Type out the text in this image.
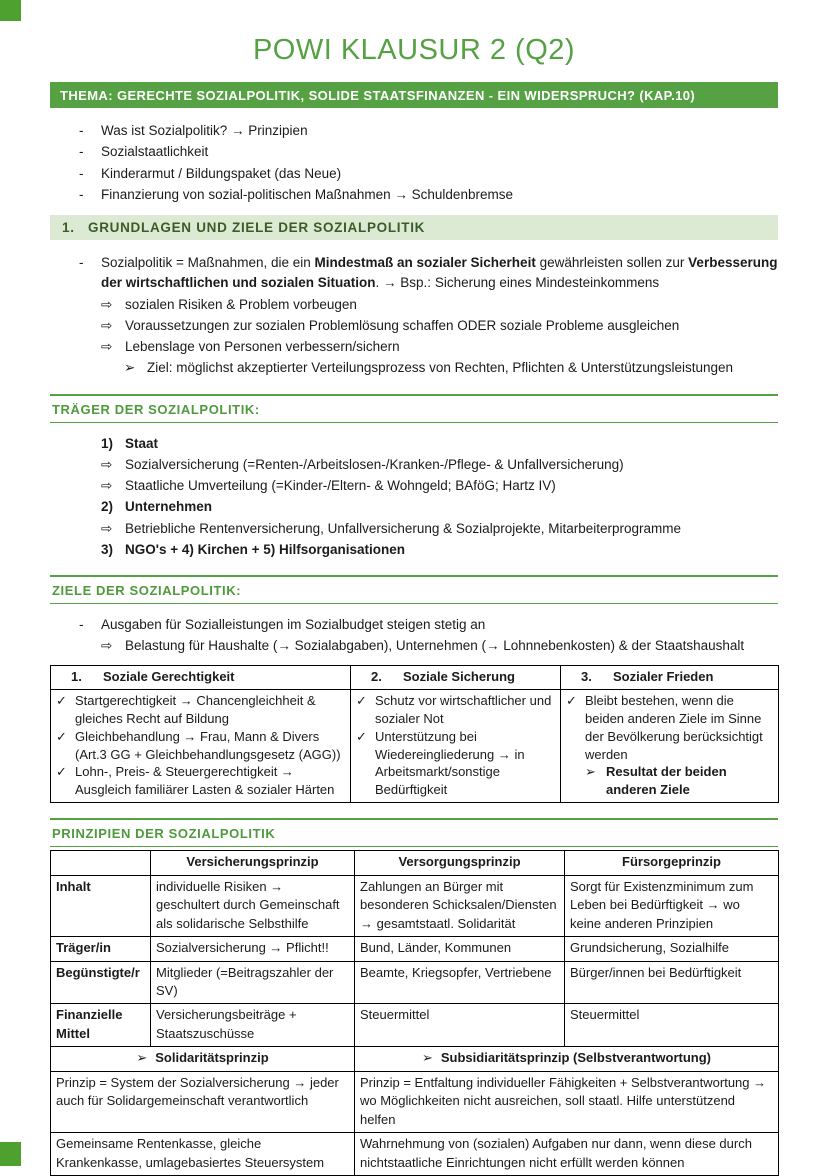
POWI KLAUSUR 2 (Q2)
THEMA: GERECHTE SOZIALPOLITIK, SOLIDE STAATSFINANZEN - EIN WIDERSPRUCH? (KAP.10)
-	Was ist Sozialpolitik? → Prinzipien
-	Sozialstaatlichkeit
-	Kinderarmut / Bildungspaket (das Neue)
-	Finanzierung von sozial-politischen Maßnahmen → Schuldenbremse
1. GRUNDLAGEN UND ZIELE DER SOZIALPOLITIK
-	Sozialpolitik = Maßnahmen, die ein Mindestmaß an sozialer Sicherheit gewährleisten sollen zur Verbesserung der wirtschaftlichen und sozialen Situation. → Bsp.: Sicherung eines Mindesteinkommens
⇨ sozialen Risiken & Problem vorbeugen
⇨ Voraussetzungen zur sozialen Problemlösung schaffen ODER soziale Probleme ausgleichen
⇨ Lebenslage von Personen verbessern/sichern
➢ Ziel: möglichst akzeptierter Verteilungsprozess von Rechten, Pflichten & Unterstützungsleistungen
TRÄGER DER SOZIALPOLITIK:
1) Staat
⇨ Sozialversicherung (=Renten-/Arbeitslosen-/Kranken-/Pflege- & Unfallversicherung)
⇨ Staatliche Umverteilung (=Kinder-/Eltern- & Wohngeld; BAföG; Hartz IV)
2) Unternehmen
⇨ Betriebliche Rentenversicherung, Unfallversicherung & Sozialprojekte, Mitarbeiterprogramme
3) NGO's + 4) Kirchen + 5) Hilfsorganisationen
ZIELE DER SOZIALPOLITIK:
-	Ausgaben für Sozialleistungen im Sozialbudget steigen stetig an
⇨ Belastung für Haushalte (→ Sozialabgaben), Unternehmen (→ Lohnnebenkosten) & der Staatshaushalt
1. Soziale Gerechtigkeit	2. Soziale Sicherung	3. Sozialer Frieden

✓ Startgerechtigkeit → Chancengleichheit & gleiches Recht auf Bildung
✓ Gleichbehandlung → Frau, Mann & Divers (Art.3 GG + Gleichbehandlungsgesetz (AGG))
✓ Lohn-, Preis- & Steuergerechtigkeit → Ausgleich familiärer Lasten & sozialer Härten

✓ Schutz vor wirtschaftlicher und sozialer Not
✓ Unterstützung bei Wiedereingliederung → in Arbeitsmarkt/sonstige Bedürftigkeit

✓ Bleibt bestehen, wenn die beiden anderen Ziele im Sinne der Bevölkerung berücksichtigt werden
➢ Resultat der beiden anderen Ziele
PRINZIPIEN DER SOZIALPOLITIK
	Versicherungsprinzip	Versorgungsprinzip	Fürsorgeprinzip
Inhalt	individuelle Risiken → geschultert durch Gemeinschaft als solidarische Selbsthilfe	Zahlungen an Bürger mit besonderen Schicksalen/Diensten → gesamtstaatl. Solidarität	Sorgt für Existenzminimum zum Leben bei Bedürftigkeit → wo keine anderen Prinzipien
Träger/in	Sozialversicherung → Pflicht!!	Bund, Länder, Kommunen	Grundsicherung, Sozialhilfe
Begünstigte/r	Mitglieder (=Beitragszahler der SV)	Beamte, Kriegsopfer, Vertriebene	Bürger/innen bei Bedürftigkeit
Finanzielle Mittel	Versicherungsbeiträge + Staatszuschüsse	Steuermittel	Steuermittel
➢ Solidaritätsprinzip		➢ Subsidiaritätsprinzip (Selbstverantwortung)	
Prinzip = System der Sozialversicherung → jeder auch für Solidargemeinschaft verantwortlich		Prinzip = Entfaltung individueller Fähigkeiten + Selbstverantwortung → wo Möglichkeiten nicht ausreichen, soll staatl. Hilfe unterstützend helfen	
Gemeinsame Rentenkasse, gleiche Krankenkasse, umlagebasiertes Steuersystem		Wahrnehmung von (sozialen) Aufgaben nur dann, wenn diese durch nichtstaatliche Einrichtungen nicht erfüllt werden können	
